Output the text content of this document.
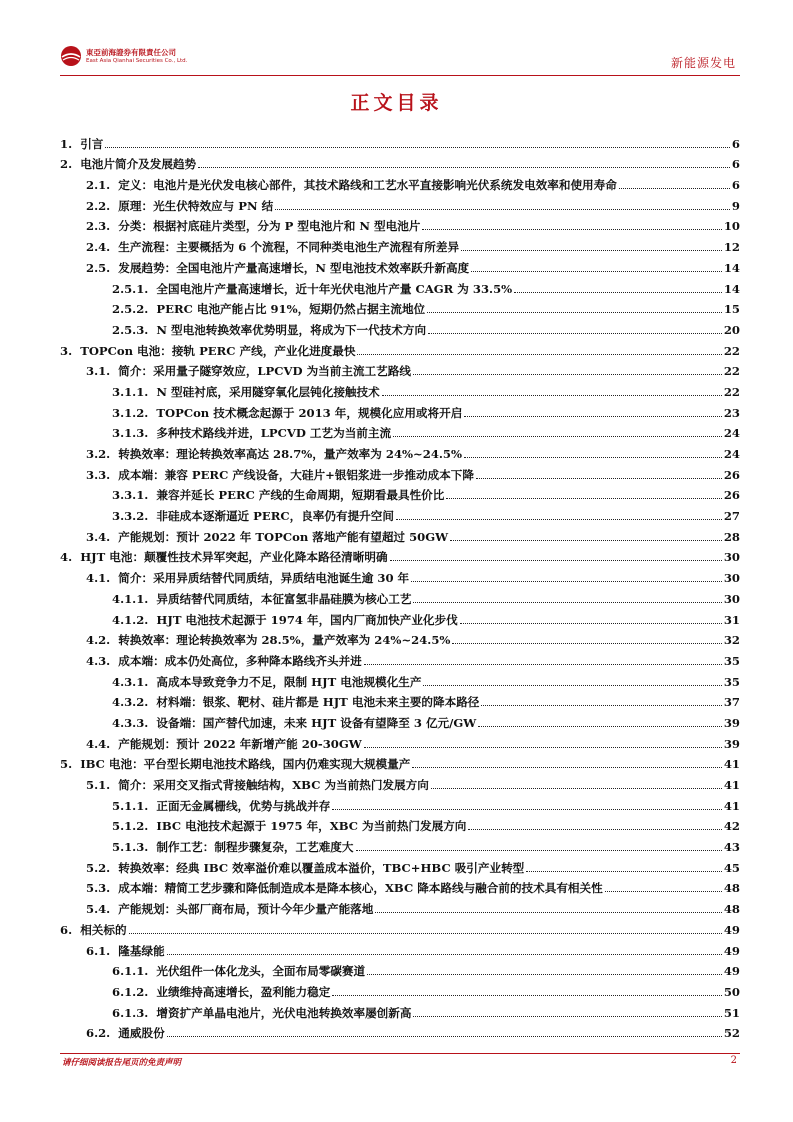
東亞前海證券有限責任公司
East Asia Qianhai Securities Co., Ltd.	新能源发电
正文目录
1. 引言	6
2. 电池片简介及发展趋势	6
2.1. 定义：电池片是光伏发电核心部件，其技术路线和工艺水平直接影响光伏系统发电效率和使用寿命	6
2.2. 原理：光生伏特效应与 PN 结	9
2.3. 分类：根据衬底硅片类型，分为 P 型电池片和 N 型电池片	10
2.4. 生产流程：主要概括为 6 个流程，不同种类电池生产流程有所差异	12
2.5. 发展趋势：全国电池片产量高速增长，N 型电池技术效率跃升新高度	14
2.5.1. 全国电池片产量高速增长，近十年光伏电池片产量 CAGR 为 33.5%	14
2.5.2. PERC 电池产能占比 91%，短期仍然占据主流地位	15
2.5.3. N 型电池转换效率优势明显，将成为下一代技术方向	20
3. TOPCon 电池：接轨 PERC 产线，产业化进度最快	22
3.1. 简介：采用量子隧穿效应，LPCVD 为当前主流工艺路线	22
3.1.1. N 型硅衬底，采用隧穿氧化层钝化接触技术	22
3.1.2. TOPCon 技术概念起源于 2013 年，规模化应用或将开启	23
3.1.3. 多种技术路线并进，LPCVD 工艺为当前主流	24
3.2. 转换效率：理论转换效率高达 28.7%，量产效率为 24%~24.5%	24
3.3. 成本端：兼容 PERC 产线设备，大硅片+银铝浆进一步推动成本下降	26
3.3.1. 兼容并延长 PERC 产线的生命周期，短期看最具性价比	26
3.3.2. 非硅成本逐渐逼近 PERC，良率仍有提升空间	27
3.4. 产能规划：预计 2022 年 TOPCon 落地产能有望超过 50GW	28
4. HJT 电池：颠覆性技术异军突起，产业化降本路径清晰明确	30
4.1. 简介：采用异质结替代同质结，异质结电池诞生逾 30 年	30
4.1.1. 异质结替代同质结，本征富氢非晶硅膜为核心工艺	30
4.1.2. HJT 电池技术起源于 1974 年，国内厂商加快产业化步伐	31
4.2. 转换效率：理论转换效率为 28.5%，量产效率为 24%~24.5%	32
4.3. 成本端：成本仍处高位，多种降本路线齐头并进	35
4.3.1. 高成本导致竞争力不足，限制 HJT 电池规模化生产	35
4.3.2. 材料端：银浆、靶材、硅片都是 HJT 电池未来主要的降本路径	37
4.3.3. 设备端：国产替代加速，未来 HJT 设备有望降至 3 亿元/GW	39
4.4. 产能规划：预计 2022 年新增产能 20-30GW	39
5. IBC 电池：平台型长期电池技术路线，国内仍难实现大规模量产	41
5.1. 简介：采用交叉指式背接触结构，XBC 为当前热门发展方向	41
5.1.1. 正面无金属栅线，优势与挑战并存	41
5.1.2. IBC 电池技术起源于 1975 年，XBC 为当前热门发展方向	42
5.1.3. 制作工艺：制程步骤复杂，工艺难度大	43
5.2. 转换效率：经典 IBC 效率溢价难以覆盖成本溢价，TBC+HBC 吸引产业转型	45
5.3. 成本端：精简工艺步骤和降低制造成本是降本核心，XBC 降本路线与融合前的技术具有相关性	48
5.4. 产能规划：头部厂商布局，预计今年少量产能落地	48
6. 相关标的	49
6.1. 隆基绿能	49
6.1.1. 光伏组件一体化龙头，全面布局零碳赛道	49
6.1.2. 业绩维持高速增长，盈利能力稳定	50
6.1.3. 增资扩产单晶电池片，光伏电池转换效率屡创新高	51
6.2. 通威股份	52
请仔细阅读报告尾页的免责声明	2
